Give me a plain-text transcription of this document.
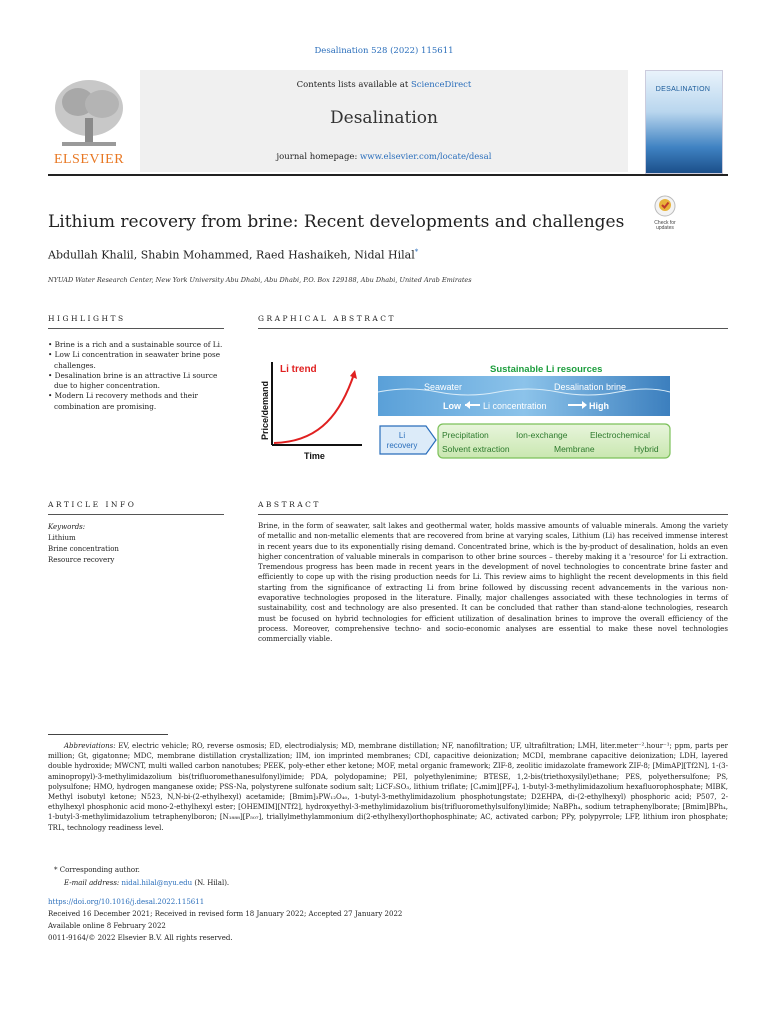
Desalination 528 (2022) 115611
Contents lists available at ScienceDirect
Desalination
journal homepage: www.elsevier.com/locate/desal
ELSEVIER
DESALINATION
Lithium recovery from brine: Recent developments and challenges	Check for
updates
Abdullah Khalil, Shabin Mohammed, Raed Hashaikeh, Nidal Hilal*
NYUAD Water Research Center, New York University Abu Dhabi, Abu Dhabi, P.O. Box 129188, Abu Dhabi, United Arab Emirates
HIGHLIGHTS	GRAPHICAL ABSTRACT
• Brine is a rich and a sustainable source of Li.
• Low Li concentration in seawater brine pose challenges.
• Desalination brine is an attractive Li source due to higher concentration.
• Modern Li recovery methods and their combination are promising.
Li trend
Price/demand
Time
Sustainable Li resources
Seawater	Desalination brine
Low Li concentration	High
Li
recovery
Precipitation	Ion-exchange	Electrochemical
Solvent extraction	Membrane	Hybrid
ARTICLE INFO	ABSTRACT
Keywords:
Lithium
Brine concentration
Resource recovery
Brine, in the form of seawater, salt lakes and geothermal water, holds massive amounts of valuable minerals. Among the variety of metallic and non-metallic elements that are recovered from brine at varying scales, Lithium (Li) has received immense interest in recent years due to its exponentially rising demand. Concentrated brine, which is the by-product of desalination, holds an even higher concentration of valuable minerals in comparison to other brine sources – thereby making it a 'resource' for Li extraction. Tremendous progress has been made in recent years in the development of novel technologies to concentrate brine faster and efficiently to cope up with the rising production needs for Li. This review aims to highlight the recent developments in this field starting from the significance of extracting Li from brine followed by discussing recent advancements in the various non-evaporative technologies proposed in the literature. Finally, major challenges associated with these technologies in terms of sustainability, cost and technology are also presented. It can be concluded that rather than stand-alone technologies, research must be focused on hybrid technologies for efficient utilization of desalination brines to improve the overall efficiency of the process. Moreover, comprehensive techno- and socio-economic analyses are essential to make these novel technologies commercially viable.
Abbreviations: EV, electric vehicle; RO, reverse osmosis; ED, electrodialysis; MD, membrane distillation; NF, nanofiltration; UF, ultrafiltration; LMH, liter.meter⁻².hour⁻¹; ppm, parts per million; Gt, gigatonne; MDC, membrane distillation crystallization; IIM, ion imprinted membranes; CDI, capacitive deionization; MCDI, membrane capacitive deionization; LDH, layered double hydroxide; MWCNT, multi walled carbon nanotubes; PEEK, poly-ether ether ketone; MOF, metal organic framework; ZIF-8, zeolitic imidazolate framework ZIF-8; [MimAP][Tf2N], 1-(3-aminopropyl)-3-methylimidazolium bis(trifluoromethanesulfonyl)imide; PDA, polydopamine; PEI, polyethylenimine; BTESE, 1,2-bis(triethoxysilyl)ethane; PES, polyethersulfone; PS, polysulfone; HMO, hydrogen manganese oxide; PSS-Na, polystyrene sulfonate sodium salt; LiCF₃SO₃, lithium triflate; [C₄mim][PF₆], 1-butyl-3-methylimidazolium hexafluorophosphate; MIBK, Methyl isobutyl ketone; N523, N,N-bi-(2-ethylhexyl) acetamide; [Bmim]₃PW₁₂O₄₀, 1-butyl-3-methylimidazolium phosphotungstate; D2EHPA, di-(2-ethylhexyl) phosphoric acid; P507, 2-ethylhexyl phosphonic acid mono-2-ethylhexyl ester; [OHEMIM][NTf2], hydroxyethyl-3-methylimidazolium bis(trifluoromethylsulfonyl)imide; NaBPh₄, sodium tetraphenylborate; [Bmim]BPh₄, 1-butyl-3-methylimidazolium tetraphenylboron; [N₁₈₈₈][P₅₀₇], triallylmethylammonium di(2-ethylhexyl)orthophosphinate; AC, activated carbon; PPy, polypyrrole; LFP, lithium iron phosphate; TRL, technology readiness level.
* Corresponding author.
E-mail address: nidal.hilal@nyu.edu (N. Hilal).
https://doi.org/10.1016/j.desal.2022.115611
Received 16 December 2021; Received in revised form 18 January 2022; Accepted 27 January 2022
Available online 8 February 2022
0011-9164/© 2022 Elsevier B.V. All rights reserved.
